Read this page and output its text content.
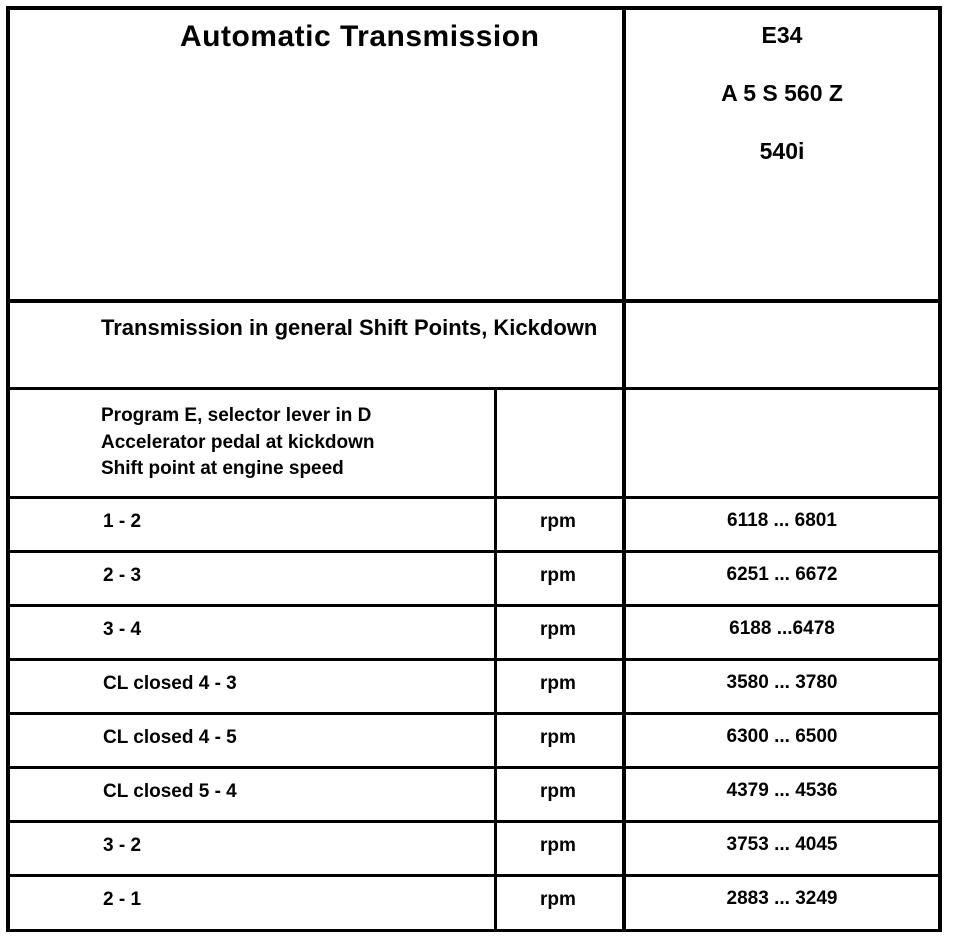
Automatic Transmission	E34
A 5 S 560 Z
540i
Transmission in general Shift Points, Kickdown
Program E, selector lever in D
Accelerator pedal at kickdown
Shift point at engine speed
1 - 2	rpm	6118 ... 6801
2 - 3	rpm	6251 ... 6672
3 - 4	rpm	6188 ...6478
CL closed 4 - 3	rpm	3580 ... 3780
CL closed 4 - 5	rpm	6300 ... 6500
CL closed 5 - 4	rpm	4379 ... 4536
3 - 2	rpm	3753 ... 4045
2 - 1	rpm	2883 ... 3249
